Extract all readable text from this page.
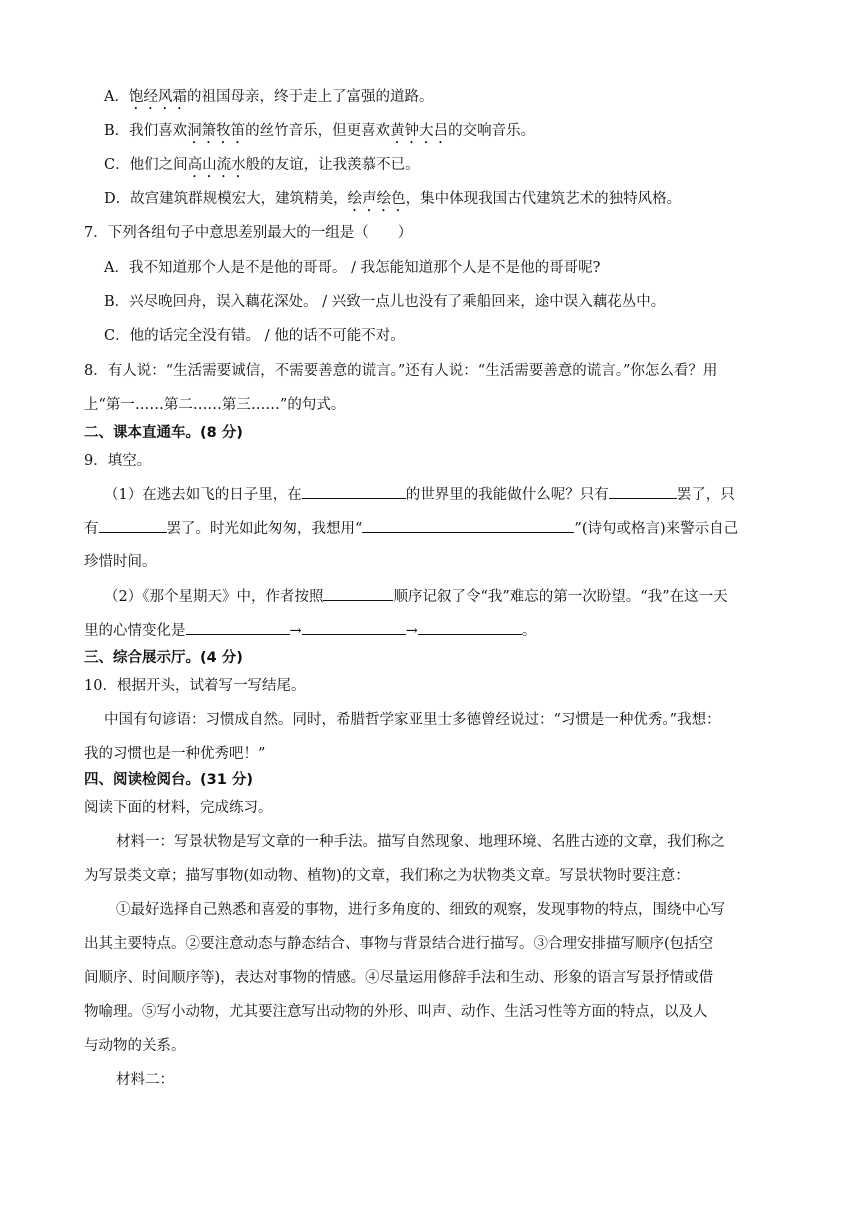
A．饱经风霜的祖国母亲，终于走上了富强的道路。
B．我们喜欢洞箫牧笛的丝竹音乐，但更喜欢黄钟大吕的交响音乐。
C．他们之间高山流水般的友谊，让我羡慕不已。
D．故宫建筑群规模宏大，建筑精美，绘声绘色，集中体现我国古代建筑艺术的独特风格。
7．下列各组句子中意思差别最大的一组是（　　）
A．我不知道那个人是不是他的哥哥。 / 我怎能知道那个人是不是他的哥哥呢?
B．兴尽晚回舟，误入藕花深处。 / 兴致一点儿也没有了乘船回来，途中误入藕花丛中。
C．他的话完全没有错。 / 他的话不可能不对。
8．有人说：“生活需要诚信，不需要善意的谎言。”还有人说：“生活需要善意的谎言。”你怎么看？用
上“第一……第二……第三……”的句式。
二、课本直通车。(8 分)
9．填空。
（1）在逃去如飞的日子里，在	的世界里的我能做什么呢？只有	罢了，只
有	罢了。时光如此匆匆，我想用“	”(诗句或格言)来警示自己
珍惜时间。
（2）《那个星期天》中，作者按照	顺序记叙了令“我”难忘的第一次盼望。“我”在这一天
里的心情变化是	→	→	。
三、综合展示厅。(4 分)
10．根据开头，试着写一写结尾。
中国有句谚语：习惯成自然。同时，希腊哲学家亚里士多德曾经说过：“习惯是一种优秀。”我想：
我的习惯也是一种优秀吧！”
四、阅读检阅台。(31 分)
阅读下面的材料，完成练习。
材料一：写景状物是写文章的一种手法。描写自然现象、地理环境、名胜古迹的文章，我们称之
为写景类文章；描写事物(如动物、植物)的文章，我们称之为状物类文章。写景状物时要注意：
①最好选择自己熟悉和喜爱的事物，进行多角度的、细致的观察，发现事物的特点，围绕中心写
出其主要特点。②要注意动态与静态结合、事物与背景结合进行描写。③合理安排描写顺序(包括空
间顺序、时间顺序等)，表达对事物的情感。④尽量运用修辞手法和生动、形象的语言写景抒情或借
物喻理。⑤写小动物，尤其要注意写出动物的外形、叫声、动作、生活习性等方面的特点，以及人
与动物的关系。
材料二：
